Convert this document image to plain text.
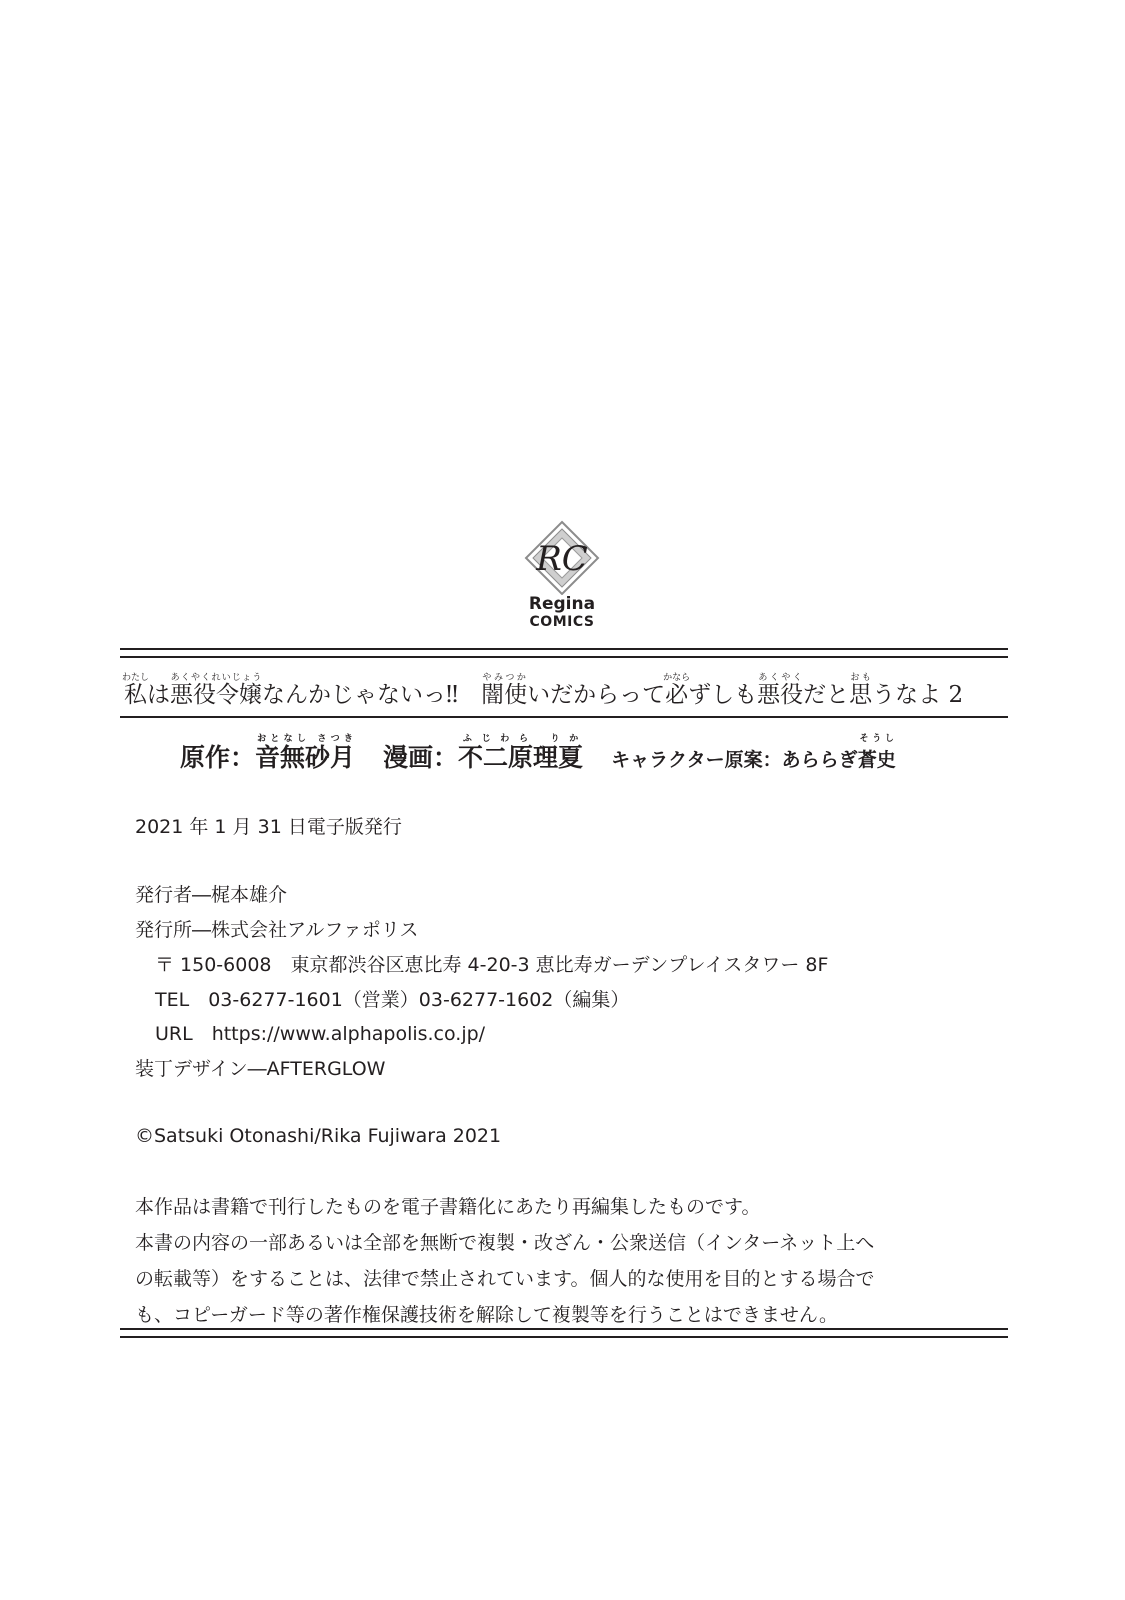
RC
Regina
COMICS
私わたしは悪役令嬢あくやくれいじょうなんかじゃないっ‼　闇使やみつかいだからって必かならずしも悪役あくやくだと思おもうなよ 2
原作：音無砂月おとなし さつき漫画：不二原理夏ふじわら りかキャラクター原案：あららぎ蒼史そうし
2021 年 1 月 31 日電子版発行
発行者―梶本雄介
発行所―株式会社アルファポリス
〒 150-6008　東京都渋谷区恵比寿 4-20-3 恵比寿ガーデンプレイスタワー 8F
TEL　03-6277-1601（営業）03-6277-1602（編集）
URL　https://www.alphapolis.co.jp/
装丁デザイン―AFTERGLOW
©Satsuki Otonashi/Rika Fujiwara 2021

本作品は書籍で刊行したものを電子書籍化にあたり再編集したものです。

本書の内容の一部あるいは全部を無断で複製・改ざん・公衆送信（インターネット上へ

の転載等）をすることは、法律で禁止されています。個人的な使用を目的とする場合で

も、コピーガード等の著作権保護技術を解除して複製等を行うことはできません。
